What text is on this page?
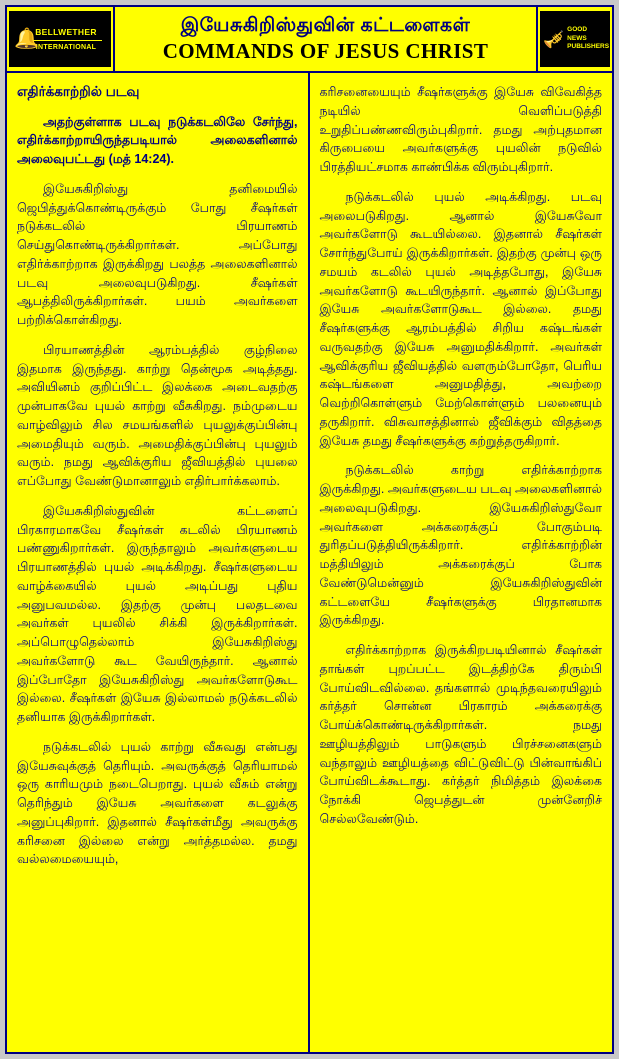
🔔
BELLWETHER
INTERNATIONAL
இயேசுகிறிஸ்துவின் கட்டளைகள்
COMMANDS OF JESUS CHRIST	🎺
GOOD
NEWS
PUBLISHERS
எதிர்க்காற்றில் படவு

அதற்குள்ளாக படவு நடுக்கடலிலே சேர்ந்து, எதிர்க்காற்றாயிருந்தபடியால் அலைகளினால் அலைவுபட்டது (மத் 14:24).

இயேசுகிறிஸ்து தனிமையில் ஜெபித்துக்கொண்டிருக்கும் போது சீஷர்கள் நடுக்கடலில் பிரயாணம் செய்துகொண்டிருக்கிறார்கள். அப்போது எதிர்க்காற்றாக இருக்கிறது பலத்த அலைகளினால் படவு அலைவுபடுகிறது. சீஷர்கள் ஆபத்திலிருக்கிறார்கள். பயம் அவர்களை பற்றிக்கொள்கிறது.

பிரயாணத்தின் ஆரம்பத்தில் குழ்நிலை இதமாக இருந்தது. காற்று தென்மூக அடித்தது. அவியினம் குறிப்பிட்ட இலக்கை அடைவதற்கு முன்பாகவே புயல் காற்று வீசுகிறது. நம்முடைய வாழ்விலும் சில சமயங்களில் புயலுக்குப்பின்பு அமைதியும் வரும். அமைதிக்குப்பின்பு புயலும் வரும். நமது ஆவிக்குரிய ஜீவியத்தில் புயலை எப்போது வேண்டுமானாலும் எதிர்பார்க்கலாம்.

இயேசுகிறிஸ்துவின் கட்டளைப் பிரகாரமாகவே சீஷர்கள் கடலில் பிரயாணம் பண்ணுகிறார்கள். இருந்தாலும் அவர்களுடைய பிரயாணத்தில் புயல் அடிக்கிறது. சீஷர்களுடைய வாழ்க்கையில் புயல் அடிப்பது புதிய அனுபவமல்ல. இதற்கு முன்பு பலதடவை அவர்கள் புயலில் சிக்கி இருக்கிறார்கள். அப்பொழுதெல்லாம் இயேசுகிறிஸ்து அவர்களோடு கூட வேயிருந்தார். ஆனால் இப்போதோ இயேசுகிறிஸ்து அவர்களோடுகூட இல்லை. சீஷர்கள் இயேசு இல்லாமல் நடுக்கடலில் தனியாக இருக்கிறார்கள்.

நடுக்கடலில் புயல் காற்று வீசுவது என்பது இயேசுவுக்குத் தெரியும். அவருக்குத் தெரியாமல் ஒரு காரியமும் நடைபெறாது. புயல் வீசும் என்று தெரிந்தும் இயேசு அவர்களை கடலுக்கு அனுப்புகிறார். இதனால் சீஷர்கள்மீது அவருக்கு கரிசனை இல்லை என்று அர்த்தமல்ல. தமது வல்லமையையும்,

கரிசனையையும் சீஷர்களுக்கு இயேசு விவேகித்த நடியில் வெளிப்படுத்தி உறுதிப்பண்ணவிரும்புகிறார். தமது அற்புதமான கிருபையை அவர்களுக்கு புயலின் நடுவில் பிரத்தியட்சமாக காண்பிக்க விரும்புகிறார்.

நடுக்கடலில் புயல் அடிக்கிறது. படவு அலைபடுகிறது. ஆனால் இயேசுவோ அவர்களோடு கூடயில்லை. இதனால் சீஷர்கள் சோர்ந்துபோய் இருக்கிறார்கள். இதற்கு முன்பு ஒரு சமயம் கடலில் புயல் அடித்தபோது, இயேசு அவர்களோடு கூடயிருந்தார். ஆனால் இப்போது இயேசு அவர்களோடுகூட இல்லை. தமது சீஷர்களுக்கு ஆரம்பத்தில் சிறிய கஷ்டங்கள் வருவதற்கு இயேசு அனுமதிக்கிறார். அவர்கள் ஆவிக்குரிய ஜீவியத்தில் வளரும்போதோ, பெரிய கஷ்டங்களை அனுமதித்து, அவற்றை வெற்றிகொள்ளும் மேற்கொள்ளும் பலனையும் தருகிறார். விசுவாசத்தினால் ஜீவிக்கும் விதத்தை இயேசு தமது சீஷர்களுக்கு கற்றுத்தருகிறார்.

நடுக்கடலில் காற்று எதிர்க்காற்றாக இருக்கிறது. அவர்களுடைய படவு அலைகளினால் அலைவுபடுகிறது. இயேசுகிறிஸ்துவோ அவர்களை அக்கரைக்குப் போகும்படி துரிதப்படுத்தியிருக்கிறார். எதிர்க்காற்றின் மத்தியிலும் அக்கரைக்குப் போக வேண்டுமென்னும் இயேசுகிறிஸ்துவின் கட்டளையே சீஷர்களுக்கு பிரதானமாக இருக்கிறது.

எதிர்க்காற்றாக இருக்கிறபடியினால் சீஷர்கள் தாங்கள் புறப்பட்ட இடத்திற்கே திரும்பி போய்விடவில்லை. தங்களால் முடிந்தவரையிலும் கர்த்தர் சொன்ன பிரகாரம் அக்கரைக்கு போய்க்கொண்டிருக்கிறார்கள். நமது ஊழியத்திலும் பாடுகளும் பிரச்சனைகளும் வந்தாலும் ஊழியத்தை விட்டுவிட்டு பின்வாங்கிப் போய்விடக்கூடாது. கர்த்தர் நிமித்தம் இலக்கை நோக்கி ஜெபத்துடன் முன்னேறிச் செல்லவேண்டும்.
